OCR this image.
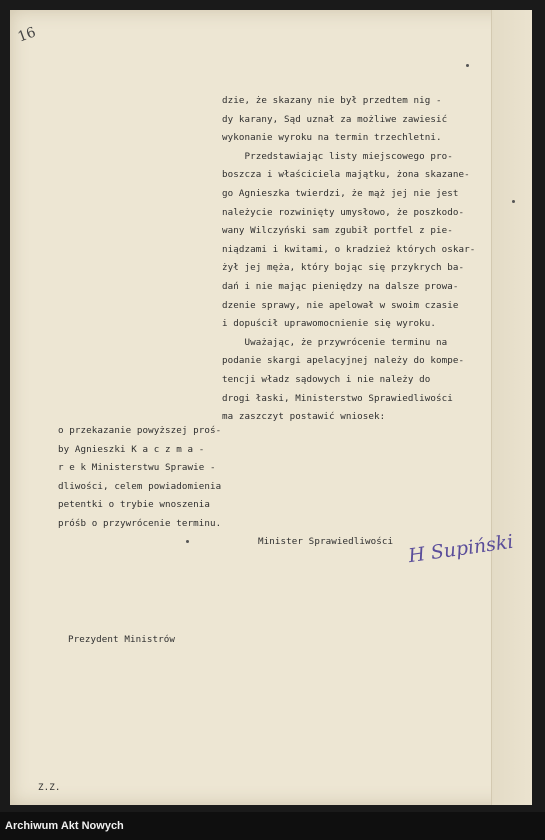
16
dzie, że skazany nie był przedtem nig -
dy karany, Sąd uznał za możliwe zawiesić
wykonanie wyroku na termin trzechletni.
Przedstawiając listy miejscowego pro-
boszcza i właściciela majątku, żona skazane-
go Agnieszka twierdzi, że mąż jej nie jest
należycie rozwinięty umysłowo, że poszkodo-
wany Wilczyński sam zgubił portfel z pie-
niądzami i kwitami, o kradzież których oskar-
żył jej męża, który bojąc się przykrych ba-
dań i nie mając pieniędzy na dalsze prowa-
dzenie sprawy, nie apelował w swoim czasie
i dopuścił uprawomocnienie się wyroku.
Uważając, że przywrócenie terminu na
podanie skargi apelacyjnej należy do kompe-
tencji władz sądowych i nie należy do
drogi łaski, Ministerstwo Sprawiedliwości
ma zaszczyt postawić wniosek:
o przekazanie powyższej proś-
by Agnieszki K a c z m a -
r e k Ministerstwu Sprawie -
dliwości, celem powiadomienia
petentki o trybie wnoszenia
próśb o przywrócenie terminu.
Minister Sprawiedliwości H Supiński
Prezydent Ministrów
Z.Z.
Archiwum Akt Nowych
